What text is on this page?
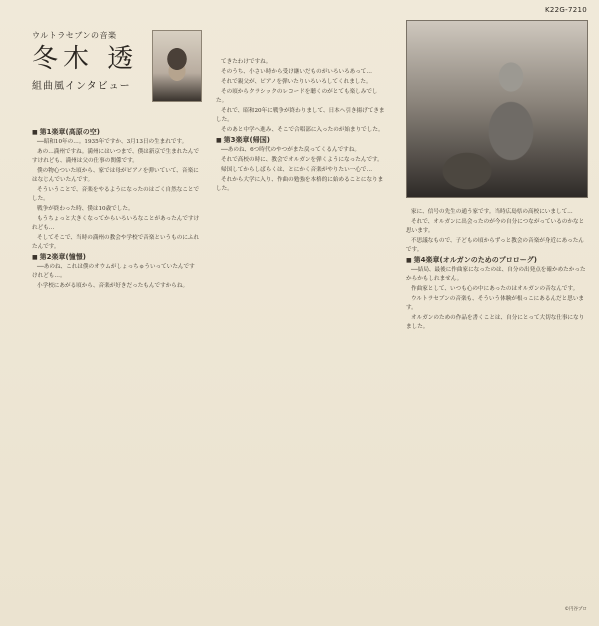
K22G-7210
ウルトラセブンの音楽
冬木 透
組曲風インタビュー

■ 第1楽章(高原の空)

──昭和10年の…。1935年ですか、3月13日の生まれです。

あの…満州ですね。満州にはいつまで、僕は新京で生まれたんですけれども、満州は父の仕事の関係です。

僕の物心ついた頃から、家では母がピアノを弾いていて、音楽にはなじんでいたんです。

そういうことで、音楽をやるようになったのはごく自然なことでした。

戦争が終わった時、僕は10歳でした。

もうちょっと大きくなってからいろいろなことがあったんですけれども…

そしてそこで、当時の満州の教会や学校で音楽というものにふれたんです。

■ 第2楽章(憧憬)

──あのね、これは僕のオウムがしょっちゅういっていたんですけれども…。

小学校にあがる頃から、音楽が好きだったもんですからね。

てきたわけですね。

そのうち、小さい時から受け継いだものがいろいろあって…

それで親父が、ピアノを弾いたりいろいろしてくれました。

その頃からクラシックのレコードを聴くのがとても楽しみでした。

それで、昭和20年に戦争が終わりまして、日本へ引き揚げてきました。

そのあと中学へ進み、そこで合唱部に入ったのが始まりでした。

■ 第3楽章(帰国)

──あのね、6つ時代のやつがまた戻ってくるんですね。

それで高校の時に、教会でオルガンを弾くようになったんです。

帰国してからしばらくは、とにかく音楽がやりたい一心で…

それから大学に入り、作曲の勉強を本格的に始めることになりました。

家に、信号の先生の通う家です。当時広島県の高校にいまして…

それで、オルガンに出会ったのが今の自分につながっているのかなと思います。

不思議なもので、子どもの頃からずっと教会の音楽が身近にあったんです。

■ 第4楽章(オルガンのためのプロローグ)

──結局、最後に作曲家になったのは、自分の出発点を確かめたかったからかもしれません。

作曲家として、いつも心の中にあったのはオルガンの音なんです。

ウルトラセブンの音楽も、そういう体験が根っこにあるんだと思います。

オルガンのための作品を書くことは、自分にとって大切な仕事になりました。

©円谷プロ
